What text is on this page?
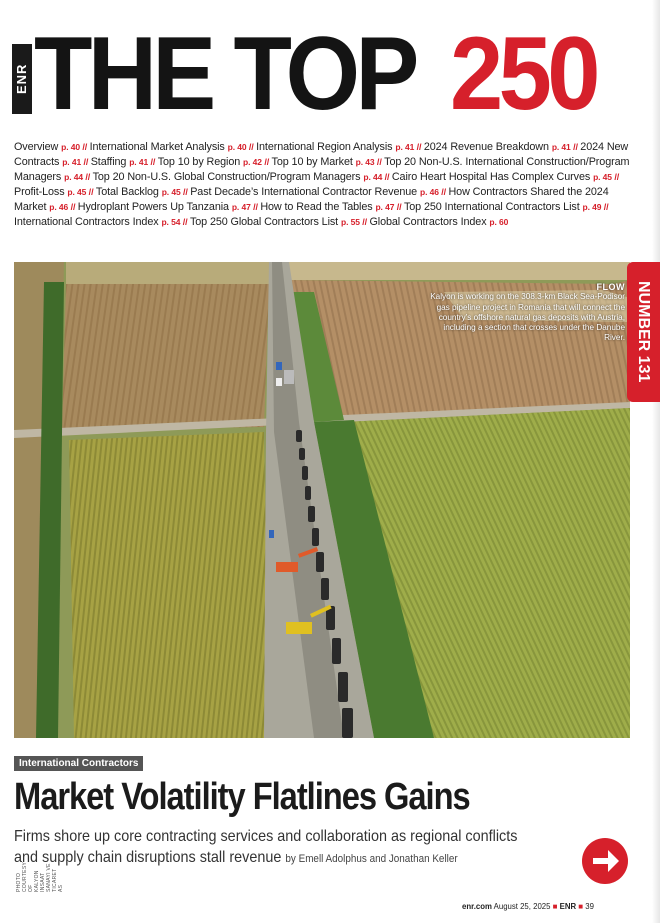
ENR THE TOP 250
Overview p. 40 // International Market Analysis p. 40 // International Region Analysis p. 41 // 2024 Revenue Breakdown p. 41 // 2024 New Contracts p. 41 // Staffing p. 41 // Top 10 by Region p. 42 // Top 10 by Market p. 43 // Top 20 Non-U.S. International Construction/Program Managers p. 44 // Top 20 Non-U.S. Global Construction/Program Managers p. 44 // Cairo Heart Hospital Has Complex Curves p. 45 // Profit-Loss p. 45 // Total Backlog p. 45 // Past Decade’s International Contractor Revenue p. 46 // How Contractors Shared the 2024 Market p. 46 // Hydroplant Powers Up Tanzania p. 47 // How to Read the Tables p. 47 // Top 250 International Contractors List p. 49 // International Contractors Index p. 54 // Top 250 Global Contractors List p. 55 // Global Contractors Index p. 60
PHOTO COURTESY OF KALYON INSAAT SANAYI VE TICARET AS
FLOW
Kalyon is working on the 308.3-km Black Sea-Podisor gas pipeline project in Romania that will connect the country’s offshore natural gas deposits with Austria, including a section that crosses under the Danube River. NUMBER 131
International Contractors
Market Volatility Flatlines Gains
Firms shore up core contracting services and collaboration as regional conflicts and supply chain disruptions stall revenue by Emell Adolphus and Jonathan Keller
enr.com August 25, 2025 ■ ENR ■ 39
